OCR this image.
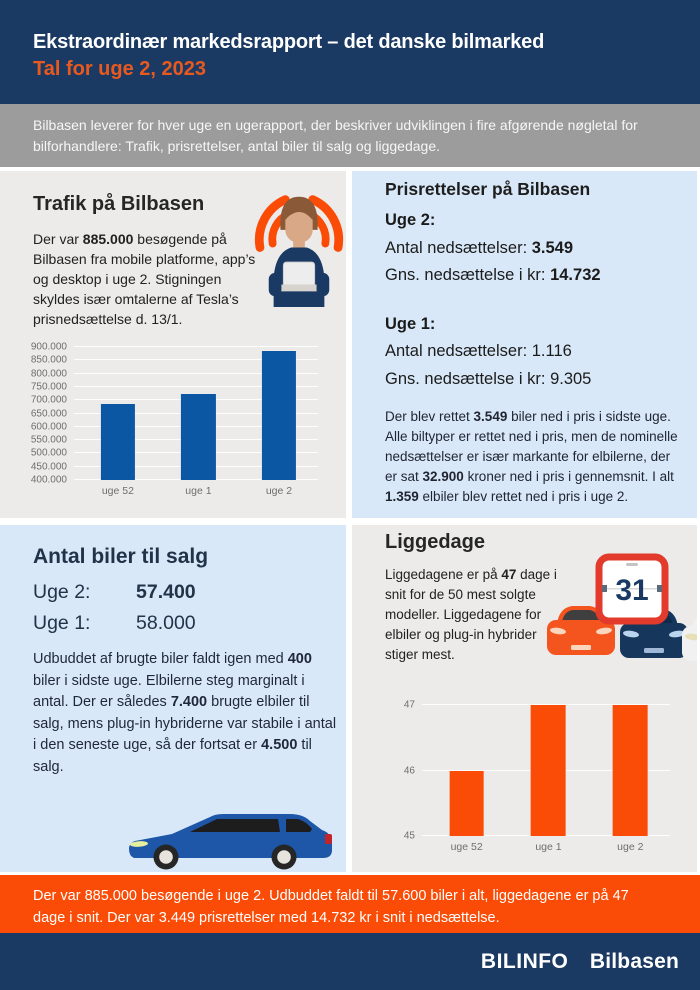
Ekstraordinær markedsrapport – det danske bilmarked
Tal for uge 2, 2023

Bilbasen leverer for hver uge en ugerapport, der beskriver udviklingen i fire afgørende nøgletal for bilforhandlere: Trafik, prisrettelser, antal biler til salg og liggedage.

Trafik på Bilbasen

Der var 885.000 besøgende på Bilbasen fra mobile platforme, app’s og desktop i uge 2. Stigningen skyldes især omtalerne af Tesla’s prisnedsættelse d. 13/1.

400.000
450.000
500.000
550.000
600.000
650.000
700.000
750.000
800.000
850.000
900.000
uge 52	uge 1	uge 2
Prisrettelser på Bilbasen
Uge 2:
Antal nedsættelser: 3.549
Gns. nedsættelse i kr: 14.732
Uge 1:
Antal nedsættelser: 1.116
Gns. nedsættelse i kr: 9.305

Der blev rettet 3.549 biler ned i pris i sidste uge. Alle biltyper er rettet ned i pris, men de nominelle nedsættelser er især markante for elbilerne, der er sat 32.900 kroner ned i pris i gennemsnit. I alt 1.359 elbiler blev rettet ned i pris i uge 2.

Antal biler til salg
Uge 2: 57.400
Uge 1: 58.000

Udbuddet af brugte biler faldt igen med 400 biler i sidste uge. Elbilerne steg marginalt i antal. Der er således 7.400 brugte elbiler til salg, mens plug-in hybriderne var stabile i antal i den seneste uge, så der fortsat er 4.500 til salg.

Liggedage

Liggedagene er på 47 dage i snit for de 50 mest solgte modeller. Liggedagene for elbiler og plug-in hybrider stiger mest.

31
45
46
47
uge 52	uge 1	uge 2

Der var 885.000 besøgende i uge 2. Udbuddet faldt til 57.600 biler i alt, liggedagene er på 47 dage i snit. Der var 3.449 prisrettelser med 14.732 kr i snit i nedsættelse.

BILINFO Bilbasen
